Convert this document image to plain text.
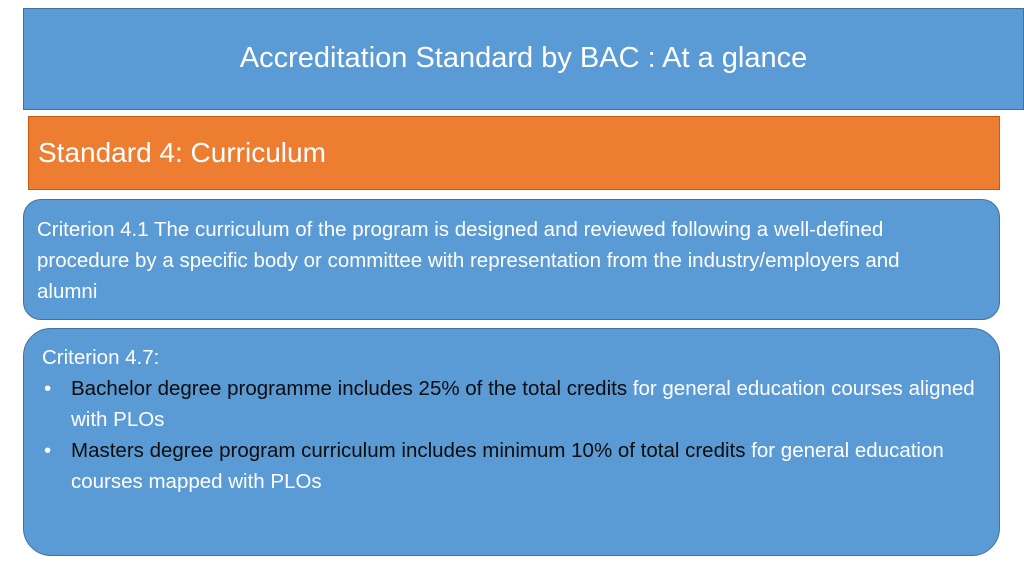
Accreditation Standard by BAC : At a glance
Standard 4: Curriculum
Criterion 4.1 The curriculum of the program is designed and reviewed following a well-defined procedure by a specific body or committee with representation from the industry/employers and alumni
Criterion 4.7:
• Bachelor degree programme includes 25% of the total credits for general education courses aligned with PLOs
• Masters degree program curriculum includes minimum 10% of total credits for general education courses mapped with PLOs
